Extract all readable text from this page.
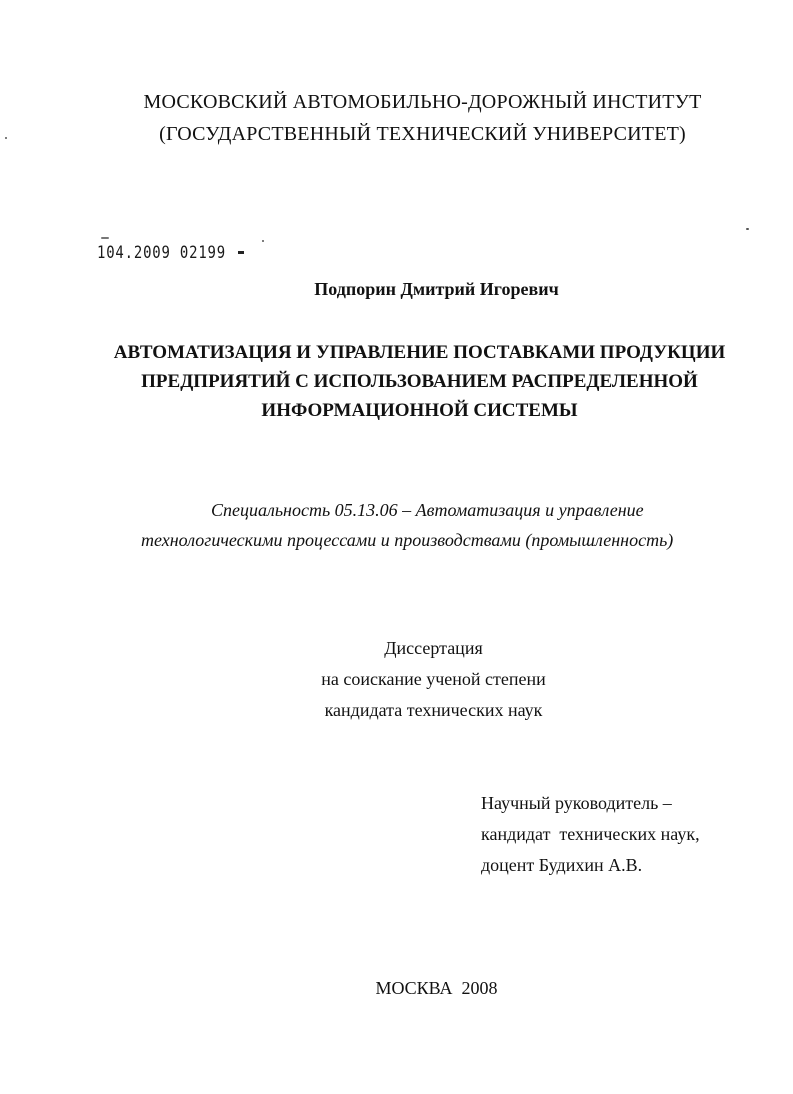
МОСКОВСКИЙ АВТОМОБИЛЬНО-ДОРОЖНЫЙ ИНСТИТУТ
(ГОСУДАРСТВЕННЫЙ ТЕХНИЧЕСКИЙ УНИВЕРСИТЕТ)
104.2009 02199
Подпорин Дмитрий Игоревич
АВТОМАТИЗАЦИЯ И УПРАВЛЕНИЕ ПОСТАВКАМИ ПРОДУКЦИИ
ПРЕДПРИЯТИЙ С ИСПОЛЬЗОВАНИЕМ РАСПРЕДЕЛЕННОЙ
ИНФОРМАЦИОННОЙ СИСТЕМЫ
Специальность 05.13.06 – Автоматизация и управление
технологическими процессами и производствами (промышленность)
Диссертация
на соискание ученой степени
кандидата технических наук
Научный руководитель –
кандидат  технических наук,
доцент Будихин А.В.
МОСКВА  2008
